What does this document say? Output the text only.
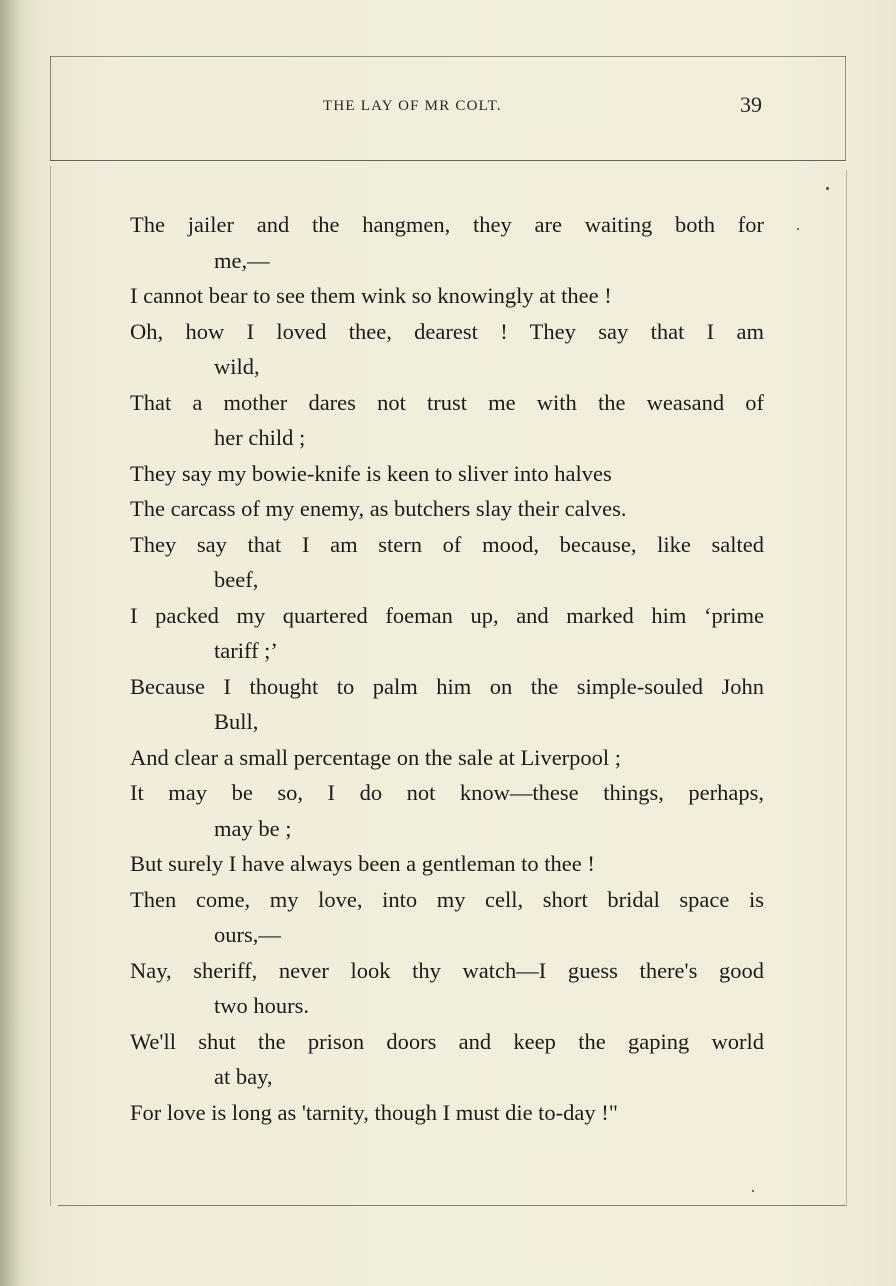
THE LAY OF MR COLT.	39
The jailer and the hangmen, they are waiting both for
me,—
I cannot bear to see them wink so knowingly at thee !
Oh, how I loved thee, dearest ! They say that I am
wild,
That a mother dares not trust me with the weasand of
her child ;
They say my bowie-knife is keen to sliver into halves
The carcass of my enemy, as butchers slay their calves.
They say that I am stern of mood, because, like salted
beef,
I packed my quartered foeman up, and marked him ‘prime
tariff ;’
Because I thought to palm him on the simple-souled John
Bull,
And clear a small percentage on the sale at Liverpool ;
It may be so, I do not know—these things, perhaps,
may be ;
But surely I have always been a gentleman to thee !
Then come, my love, into my cell, short bridal space is
ours,—
Nay, sheriff, never look thy watch—I guess there's good
two hours.
We'll shut the prison doors and keep the gaping world
at bay,
For love is long as 'tarnity, though I must die to-day !"
